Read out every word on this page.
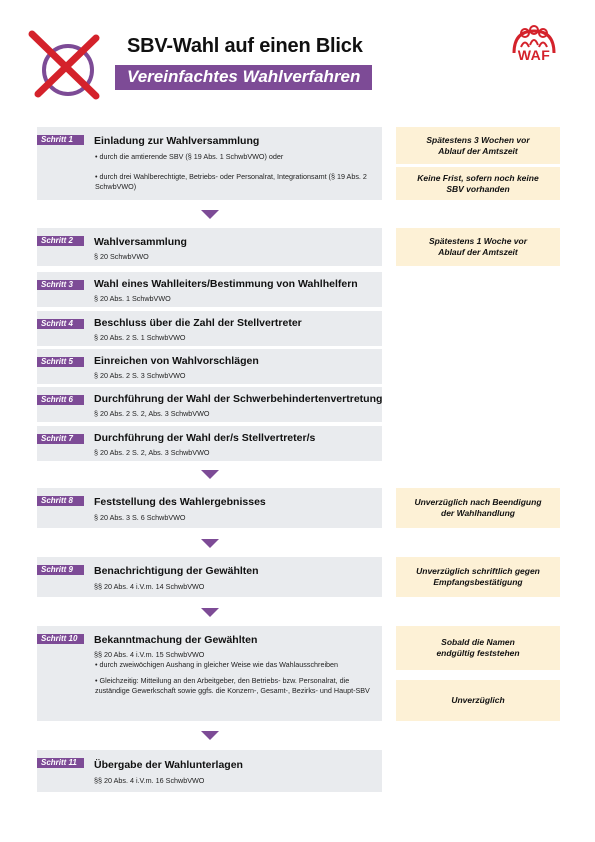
SBV-Wahl auf einen Blick
Vereinfachtes Wahlverfahren
WAF
Schritt 1	Einladung zur Wahlversammlung
• durch die amtierende SBV (§ 19 Abs. 1 SchwbVWO) oder
• durch drei Wahlberechtigte, Betriebs- oder Personalrat, Integrationsamt (§ 19 Abs. 2 SchwbVWO)
Spätestens 3 Wochen vor Ablauf der Amtszeit
Keine Frist, sofern noch keine SBV vorhanden
Schritt 2	Wahlversammlung
§ 20 SchwbVWO
Spätestens 1 Woche vor Ablauf der Amtszeit
Schritt 3	Wahl eines Wahlleiters/Bestimmung von Wahlhelfern
§ 20 Abs. 1 SchwbVWO
Schritt 4	Beschluss über die Zahl der Stellvertreter
§ 20 Abs. 2 S. 1 SchwbVWO
Schritt 5	Einreichen von Wahlvorschlägen
§ 20 Abs. 2 S. 3 SchwbVWO
Schritt 6	Durchführung der Wahl der Schwerbehindertenvertretung
§ 20 Abs. 2 S. 2, Abs. 3 SchwbVWO
Schritt 7	Durchführung der Wahl der/s Stellvertreter/s
§ 20 Abs. 2 S. 2, Abs. 3 SchwbVWO
Schritt 8	Feststellung des Wahlergebnisses
§ 20 Abs. 3 S. 6 SchwbVWO
Unverzüglich nach Beendigung der Wahlhandlung
Schritt 9	Benachrichtigung der Gewählten
§§ 20 Abs. 4 i.V.m. 14 SchwbVWO
Unverzüglich schriftlich gegen Empfangsbestätigung
Schritt 10	Bekanntmachung der Gewählten
§§ 20 Abs. 4 i.V.m. 15 SchwbVWO
• durch zweiwöchigen Aushang in gleicher Weise wie das Wahlausschreiben
• Gleichzeitig: Mitteilung an den Arbeitgeber, den Betriebs- bzw. Personalrat, die zuständige Gewerkschaft sowie ggfs. die Konzern-, Gesamt-, Bezirks- und Haupt-SBV
Sobald die Namen endgültig feststehen
Unverzüglich
Schritt 11	Übergabe der Wahlunterlagen
§§ 20 Abs. 4 i.V.m. 16 SchwbVWO
